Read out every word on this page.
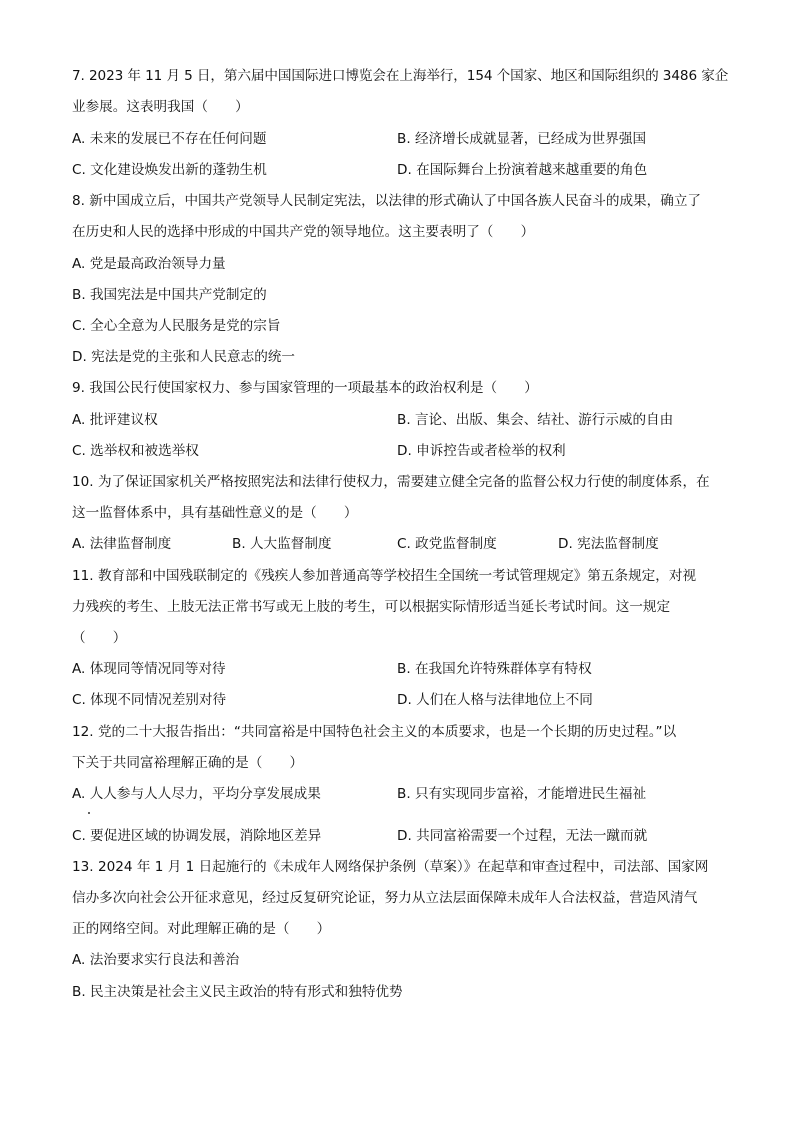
7. 2023 年 11 月 5 日，第六届中国国际进口博览会在上海举行，154 个国家、地区和国际组织的 3486 家企
业参展。这表明我国（　　）
A. 未来的发展已不存在任何问题	B. 经济增长成就显著，已经成为世界强国
C. 文化建设焕发出新的蓬勃生机	D. 在国际舞台上扮演着越来越重要的角色
8. 新中国成立后，中国共产党领导人民制定宪法，以法律的形式确认了中国各族人民奋斗的成果，确立了
在历史和人民的选择中形成的中国共产党的领导地位。这主要表明了（　　）
A. 党是最高政治领导力量
B. 我国宪法是中国共产党制定的
C. 全心全意为人民服务是党的宗旨
D. 宪法是党的主张和人民意志的统一
9. 我国公民行使国家权力、参与国家管理的一项最基本的政治权利是（　　）
A. 批评建议权	B. 言论、出版、集会、结社、游行示威的自由
C. 选举权和被选举权	D. 申诉控告或者检举的权利
10. 为了保证国家机关严格按照宪法和法律行使权力，需要建立健全完备的监督公权力行使的制度体系，在
这一监督体系中，具有基础性意义的是（　　）
A. 法律监督制度	B. 人大监督制度	C. 政党监督制度	D. 宪法监督制度
11. 教育部和中国残联制定的《残疾人参加普通高等学校招生全国统一考试管理规定》第五条规定，对视
力残疾的考生、上肢无法正常书写或无上肢的考生，可以根据实际情形适当延长考试时间。这一规定
（　　）
A. 体现同等情况同等对待	B. 在我国允许特殊群体享有特权
C. 体现不同情况差别对待	D. 人们在人格与法律地位上不同
12. 党的二十大报告指出：“共同富裕是中国特色社会主义的本质要求，也是一个长期的历史过程。”以
下关于共同富裕理解正确的是（　　）
A. 人人参与人人尽力，平均分享发展成果	B. 只有实现同步富裕，才能增进民生福祉
C. 要促进区域的协调发展，消除地区差异	D. 共同富裕需要一个过程，无法一蹴而就
13. 2024 年 1 月 1 日起施行的《未成年人网络保护条例（草案）》在起草和审查过程中，司法部、国家网
信办多次向社会公开征求意见，经过反复研究论证，努力从立法层面保障未成年人合法权益，营造风清气
正的网络空间。对此理解正确的是（　　）
A. 法治要求实行良法和善治
B. 民主决策是社会主义民主政治的特有形式和独特优势
